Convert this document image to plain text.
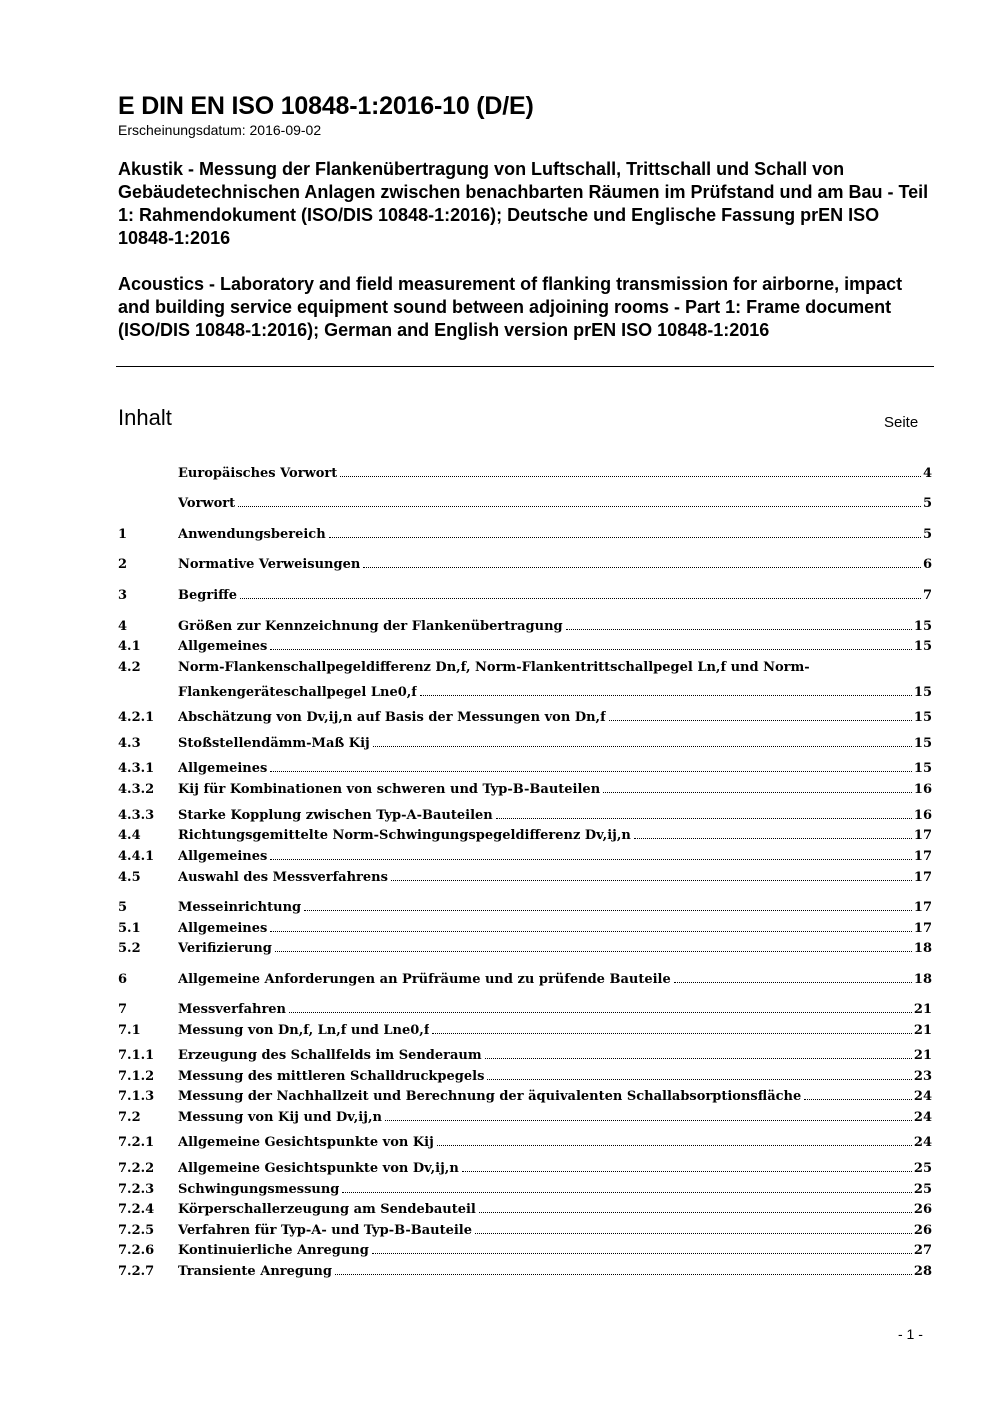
E DIN EN ISO 10848-1:2016-10 (D/E)

Erscheinungsdatum: 2016-09-02

Akustik - Messung der Flankenübertragung von Luftschall, Trittschall und Schall von Gebäudetechnischen Anlagen zwischen benachbarten Räumen im Prüfstand und am Bau - Teil 1: Rahmendokument (ISO/DIS 10848-1:2016); Deutsche und Englische Fassung prEN ISO 10848-1:2016

Acoustics - Laboratory and field measurement of flanking transmission for airborne, impact and building service equipment sound between adjoining rooms - Part 1: Frame document (ISO/DIS 10848-1:2016); German and English version prEN ISO 10848-1:2016

Inhalt	Seite
Europäisches Vorwort	4
Vorwort	5
1	Anwendungsbereich	5
2	Normative Verweisungen	6
3	Begriffe	7
4	Größen zur Kennzeichnung der Flankenübertragung	15
4.1	Allgemeines	15
4.2	Norm-Flankenschallpegeldifferenz Dn,f, Norm-Flankentrittschallpegel Ln,f und Norm-
Flankengeräteschallpegel Lne0,f	15
4.2.1	Abschätzung von Dv,ij,n auf Basis der Messungen von Dn,f	15
4.3	Stoßstellendämm-Maß Kij	15
4.3.1	Allgemeines	15
4.3.2	Kij für Kombinationen von schweren und Typ-B-Bauteilen	16
4.3.3	Starke Kopplung zwischen Typ-A-Bauteilen	16
4.4	Richtungsgemittelte Norm-Schwingungspegeldifferenz Dv,ij,n	17
4.4.1	Allgemeines	17
4.5	Auswahl des Messverfahrens	17
5	Messeinrichtung	17
5.1	Allgemeines	17
5.2	Verifizierung	18
6	Allgemeine Anforderungen an Prüfräume und zu prüfende Bauteile	18
7	Messverfahren	21
7.1	Messung von Dn,f, Ln,f und Lne0,f	21
7.1.1	Erzeugung des Schallfelds im Senderaum	21
7.1.2	Messung des mittleren Schalldruckpegels	23
7.1.3	Messung der Nachhallzeit und Berechnung der äquivalenten Schallabsorptionsfläche	24
7.2	Messung von Kij und Dv,ij,n	24
7.2.1	Allgemeine Gesichtspunkte von Kij	24
7.2.2	Allgemeine Gesichtspunkte von Dv,ij,n	25
7.2.3	Schwingungsmessung	25
7.2.4	Körperschallerzeugung am Sendebauteil	26
7.2.5	Verfahren für Typ-A- und Typ-B-Bauteile	26
7.2.6	Kontinuierliche Anregung	27
7.2.7	Transiente Anregung	28
- 1 -
